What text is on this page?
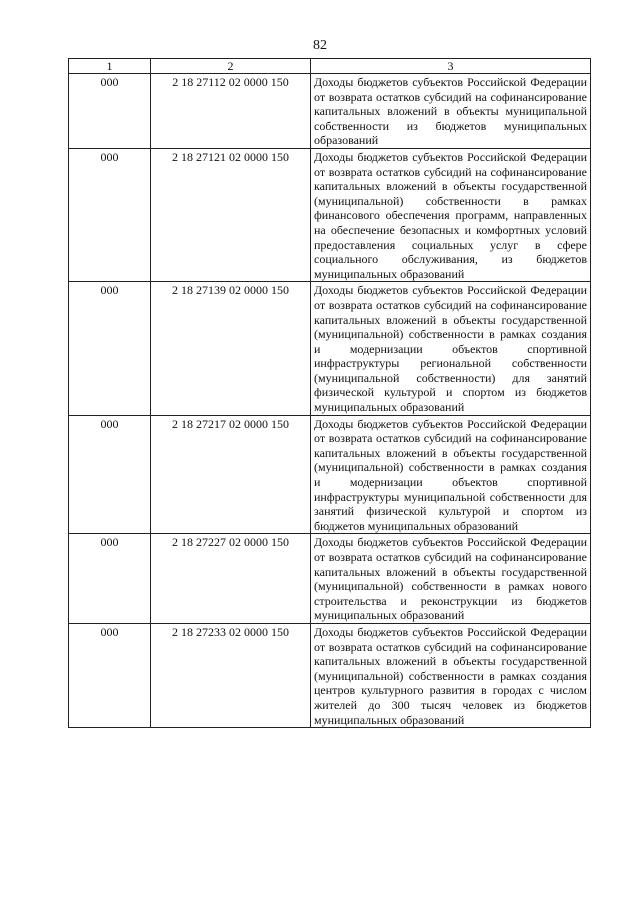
82
1	2	3
000	2 18 27112 02 0000 150	Доходы бюджетов субъектов Российской Федерации от возврата остатков субсидий на софинансирование капитальных вложений в объекты муниципальной собственности из бюджетов муниципальных образований
000	2 18 27121 02 0000 150	Доходы бюджетов субъектов Российской Федерации от возврата остатков субсидий на софинансирование капитальных вложений в объекты государственной (муниципальной) собственности в рамках финансового обеспечения программ, направленных на обеспечение безопасных и комфортных условий предоставления социальных услуг в сфере социального обслуживания, из бюджетов муниципальных образований
000	2 18 27139 02 0000 150	Доходы бюджетов субъектов Российской Федерации от возврата остатков субсидий на софинансирование капитальных вложений в объекты государственной (муниципальной) собственности в рамках создания и модернизации объектов спортивной инфраструктуры региональной собственности (муниципальной собственности) для занятий физической культурой и спортом из бюджетов муниципальных образований
000	2 18 27217 02 0000 150	Доходы бюджетов субъектов Российской Федерации от возврата остатков субсидий на софинансирование капитальных вложений в объекты государственной (муниципальной) собственности в рамках создания и модернизации объектов спортивной инфраструктуры муниципальной собственности для занятий физической культурой и спортом из бюджетов муниципальных образований
000	2 18 27227 02 0000 150	Доходы бюджетов субъектов Российской Федерации от возврата остатков субсидий на софинансирование капитальных вложений в объекты государственной (муниципальной) собственности в рамках нового строительства и реконструкции из бюджетов муниципальных образований
000	2 18 27233 02 0000 150	Доходы бюджетов субъектов Российской Федерации от возврата остатков субсидий на софинансирование капитальных вложений в объекты государственной (муниципальной) собственности в рамках создания центров культурного развития в городах с числом жителей до 300 тысяч человек из бюджетов муниципальных образований
